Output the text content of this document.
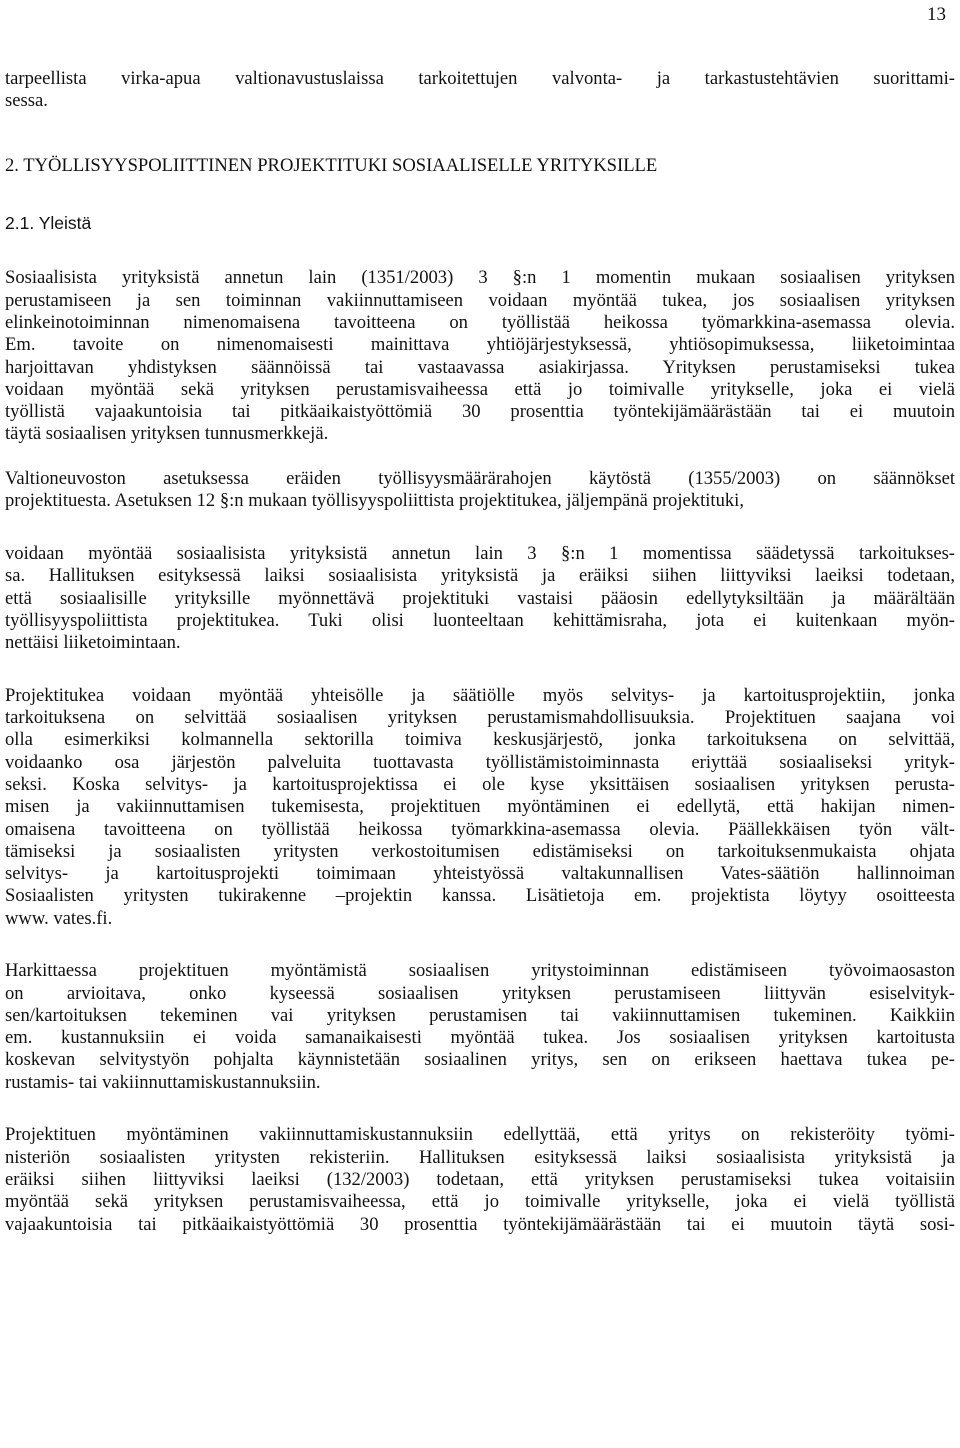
13
tarpeellista virka-apua valtionavustuslaissa tarkoitettujen valvonta- ja tarkastustehtävien suorittami-
sessa.
2. TYÖLLISYYSPOLIITTINEN PROJEKTITUKI SOSIAALISELLE YRITYKSILLE
2.1. Yleistä
Sosiaalisista yrityksistä annetun lain (1351/2003) 3 §:n 1 momentin mukaan sosiaalisen yrityksen
perustamiseen ja sen toiminnan vakiinnuttamiseen voidaan myöntää tukea, jos sosiaalisen yrityksen
elinkeinotoiminnan nimenomaisena tavoitteena on työllistää heikossa työmarkkina-asemassa olevia.
Em. tavoite on nimenomaisesti mainittava yhtiöjärjestyksessä, yhtiösopimuksessa, liiketoimintaa
harjoittavan yhdistyksen säännöissä tai vastaavassa asiakirjassa. Yrityksen perustamiseksi tukea
voidaan myöntää sekä yrityksen perustamisvaiheessa että jo toimivalle yritykselle, joka ei vielä
työllistä vajaakuntoisia tai pitkäaikaistyöttömiä 30 prosenttia työntekijämäärästään tai ei muutoin
täytä sosiaalisen yrityksen tunnusmerkkejä.
Valtioneuvoston asetuksessa eräiden työllisyysmäärärahojen käytöstä (1355/2003) on säännökset
projektituesta. Asetuksen 12 §:n mukaan työllisyyspoliittista projektitukea, jäljempänä projektituki,
voidaan myöntää sosiaalisista yrityksistä annetun lain 3 §:n 1 momentissa säädetyssä tarkoitukses-
sa. Hallituksen esityksessä laiksi sosiaalisista yrityksistä ja eräiksi siihen liittyviksi laeiksi todetaan,
että sosiaalisille yrityksille myönnettävä projektituki vastaisi pääosin edellytyksiltään ja määrältään
työllisyyspoliittista projektitukea. Tuki olisi luonteeltaan kehittämisraha, jota ei kuitenkaan myön-
nettäisi liiketoimintaan.
Projektitukea voidaan myöntää yhteisölle ja säätiölle myös selvitys- ja kartoitusprojektiin, jonka
tarkoituksena on selvittää sosiaalisen yrityksen perustamismahdollisuuksia. Projektituen saajana voi
olla esimerkiksi kolmannella sektorilla toimiva keskusjärjestö, jonka tarkoituksena on selvittää,
voidaanko osa järjestön palveluita tuottavasta työllistämistoiminnasta eriyttää sosiaaliseksi yrityk-
seksi. Koska selvitys- ja kartoitusprojektissa ei ole kyse yksittäisen sosiaalisen yrityksen perusta-
misen ja vakiinnuttamisen tukemisesta, projektituen myöntäminen ei edellytä, että hakijan nimen-
omaisena tavoitteena on työllistää heikossa työmarkkina-asemassa olevia. Päällekkäisen työn vält-
tämiseksi ja sosiaalisten yritysten verkostoitumisen edistämiseksi on tarkoituksenmukaista ohjata
selvitys- ja kartoitusprojekti toimimaan yhteistyössä valtakunnallisen Vates-säätiön hallinnoiman
Sosiaalisten yritysten tukirakenne –projektin kanssa. Lisätietoja em. projektista löytyy osoitteesta
www. vates.fi.
Harkittaessa projektituen myöntämistä sosiaalisen yritystoiminnan edistämiseen työvoimaosaston
on arvioitava, onko kyseessä sosiaalisen yrityksen perustamiseen liittyvän esiselvityk-
sen/kartoituksen tekeminen vai yrityksen perustamisen tai vakiinnuttamisen tukeminen. Kaikkiin
em. kustannuksiin ei voida samanaikaisesti myöntää tukea. Jos sosiaalisen yrityksen kartoitusta
koskevan selvitystyön pohjalta käynnistetään sosiaalinen yritys, sen on erikseen haettava tukea pe-
rustamis- tai vakiinnuttamiskustannuksiin.
Projektituen myöntäminen vakiinnuttamiskustannuksiin edellyttää, että yritys on rekisteröity työmi-
nisteriön sosiaalisten yritysten rekisteriin. Hallituksen esityksessä laiksi sosiaalisista yrityksistä ja
eräiksi siihen liittyviksi laeiksi (132/2003) todetaan, että yrityksen perustamiseksi tukea voitaisiin
myöntää sekä yrityksen perustamisvaiheessa, että jo toimivalle yritykselle, joka ei vielä työllistä
vajaakuntoisia tai pitkäaikaistyöttömiä 30 prosenttia työntekijämäärästään tai ei muutoin täytä sosi-
